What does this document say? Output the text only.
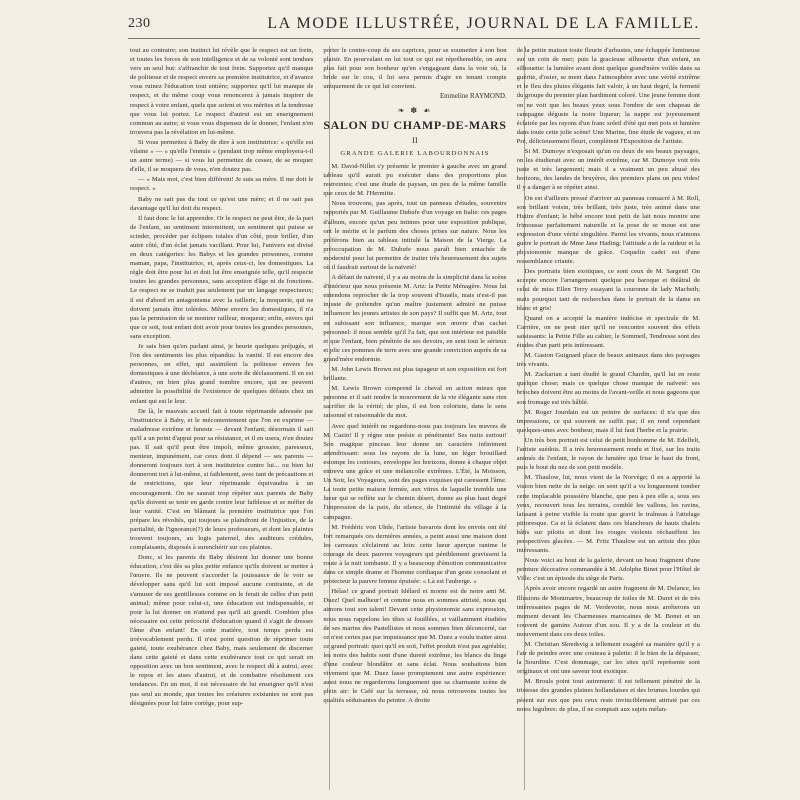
230	LA MODE ILLUSTRÉE, JOURNAL DE LA FAMILLE.

tout au contraire; son instinct lui révèle que le respect est un frein, et toutes les forces de son intelligence et de sa volonté sont tendues vers un seul but: s'affranchir de tout frein. Supportez qu'il manque de politesse et de respect envers sa première institutrice, et d'avance vous ruinez l'éducation tout entière; supportez qu'il lui manque de respect, et du même coup vous renoncerez à jamais inspirer de respect à votre enfant, quels que soient et vos mérites et la tendresse que vous lui portez. Le respect d'autrui est un enseignement commun au autre; si vous vous dispensez de le donner, l'enfant n'en trouvera pas la révélation en lui-même.

Si vous permettez à Baby de dire à son institutrice: « qu'elle est vilaine » — « qu'elle l'ennuie » (pendant trop même employera-t-il un autre terme) — si vous lui permettez de cesser, de se moquer d'elle, il se moquera de vous, n'en doutez pas.

— « Mais moi, c'est bien différent! Je suis sa mère. Il me doit le respect. »

Baby ne sait pas du tout ce qu'est une mère; et il ne sait pas davantage qu'il lui doit du respect.

Il faut donc le lui apprendre. Or le respect ne peut être, de la part de l'enfant, un sentiment intermittent, un sentiment qui puisse se scinder, procéder par éclipses totales d'un côté, pour briller, d'un autre côté, d'un éclat jamais vacillant. Pour lui, l'univers est divisé en deux catégories: les Babys et les grandes personnes, comme maman, papa, l'institutrice, et, après ceux-ci, les domestiques. La règle doit être pour lui et doit lui être enseignée telle, qu'il respecte toutes les grandes personnes, sans acception d'âge ni de fonctions. Le respect ne se traduit pas seulement par un langage respectueux; il est d'abord en antagonisme avec la raillerie, la moquerie, qui ne doivent jamais être tolérées. Même envers les domestiques, il n'a pas la permission de se montrer railleur, moqueur; enfin, envers qui que ce soit, tout enfant doit avoir pour toutes les grandes personnes, sans exception.

Je sais bien qu'en parlant ainsi, je heurte quelques préjugés, et l'on des sentiments les plus répandus: la vanité. Il est encore des personnes, en effet, qui assimilent la politesse envers les domestiques à une déchéance, à une sorte de déclassement. Il en est d'autres, on bien plus grand nombre encore, qui ne peuvent admettre la possibilité de l'existence de quelques défauts chez un enfant qui est le leur.

De là, le mauvais accueil fait à toute réprimande adressée par l'institutrice à Baby, et le mécontentement que l'on en exprime — maladresse extrême et funeste — devant l'enfant; désormais il sait qu'il a un point d'appui pour sa résistance, et il en usera, n'en doutez pas. Il sait qu'il peut être impoli, même grossier, paresseux, menteur, impunément, car ceux dont il dépend — ses parents — donneront toujours tort à son institutrice contre lui... ou bien lui donneront tort à lui-même, si faiblement, avec tant de précautions et de restrictions, que leur réprimande équivaudra à un encouragement. On ne saurait trop répéter aux parents de Baby qu'ils doivent se tenir en garde contre leur faiblesse et se méfier de leur vanité. C'est en blâmant la première institutrice que l'on prépare les révoltés, qui toujours se plaindront de l'injustice, de la partialité, de l'ignorance(?) de leurs professeurs, et dont les plaintes trouvent toujours, au logis paternel, des auditeurs crédules, complaisants, disposés à surenchérir sur ces plaintes.

Donc, si les parents de Baby désirent lui donner une bonne éducation, c'est dès sa plus petite enfance qu'ils doivent se mettre à l'œuvre. Ils ne peuvent s'accorder la jouissance de le voir se développer sans qu'il lui soit imposé aucune contrainte, et de s'amuser de ses gentillesses comme on le ferait de celles d'un petit animal; même pour celui-ci, une éducation est indispensable, et pour la lui donner on n'attend pas qu'il ait grandi. Combien plus nécessaire est cette précocité d'éducation quand il s'agit de dresser l'âme d'un enfant! En cette matière, tout temps perdu est irrévocablement perdu. Il n'est point question de réprimer toute gaieté, toute exubérance chez Baby, mais seulement de discerner dans cette gaieté et dans cette exubérance tout ce qui serait en opposition avec un bon sentiment, avec le respect dû à autrui, avec le repos et les aises d'autrui, et de combattre résolument ces tendances. En un mot, il est nécessaire de lui enseigner qu'il n'est pas seul au monde, que toutes les créatures existantes ne sont pas désignées pour lui faire cortège, pour sup-

porter le contre-coup de ses caprices, pour se soumettre à son bon plaisir. En pourvalant en lui tout ce qui est répréhensible, on aura plus fait pour son bonheur qu'en s'engageant dans la voie où, la bride sur le cou, il lui sera permis d'agir en tenant compte uniquement de ce qui lui convient.

Emmeline RAYMOND.
❧ ✽ ☙
SALON DU CHAMP-DE-MARS
II
GRANDE GALERIE LABOURDONNAIS

M. David-Nillet s'y présente le premier à gauche avec un grand tableau qu'il aurait pu exécuter dans des proportions plus restreintes; c'est une étude de paysan, un peu de la même famille que ceux de M. l'Hermitte.

Nous trouvons, pas après, tout un panneau d'études, souvenirs rapportés par M. Guillaume Dubufe d'un voyage en Italie: ces pages d'album, encore qu'un peu intimes pour une exposition publique, ont le mérite et le parfum des choses prises sur nature. Nous les préférons bien au tableau intitulé la Maison de la Vierge. La préoccupation de M. Dubufe nous paraît bien entachée de modernité pour lui permettre de traiter très heureusement des sujets où il faudrait surtout de la naïveté!

A défaut de naïveté, il y a au moins de la simplicité dans la scène d'intérieur que nous présente M. Artz: la Petite Ménagère. Nous lui entendons reprocher de la trop souvent d'Israëls, mais n'est-il pas injuste de prétendre qu'un maître justement admiré ne puisse influencer les jeunes artistes de son pays? Il suffit que M. Artz, tout en subissant son influence, marque son œuvre d'un cachet personnel: il nous semble qu'il l'a fait, que son intérieur est paisible et que l'enfant, bien pénétrée de ses devoirs, en sent tout le sérieux et plie ces pommes de terre avec une grande conviction auprès de sa grand'mère endormie.

M. John Lewis Brown est plus tapageur et son exposition est fort brillante.

M. Lewis Brown comprend le cheval en action mieux que personne et il sait rendre le mouvement de la vie élégante sans rien sacrifier de la vérité; de plus, il est bon coloriste, dans le sens raisonné et raisonnable du mot.

Avec quel intérêt ne regardons-nous pas toujours les œuvres de M. Cazin! Il y règne une poésie si pénétrante! Ses nuits surtout! Son magique pinceau leur donne un caractère infiniment attendrissant: sous les rayons de la lune, un léger brouillard estompe les contours, enveloppe les horizons, donne à chaque objet entrevu une grâce et une mélancolie extrêmes. L'Été, la Moisson, Un Soir, les Voyageurs, sont des pages exquises qui caressent l'âme. La toute petite maison fermée, aux vitres de laquelle tremble une lueur qui se reflète sur le chemin désert, donne au plus haut degré l'impression de la paix, du silence, de l'intimité du village à la campagne.

M. Frédéric von Uhde, l'artiste bavarois dont les envois ont été fort remarqués ces dernières années, a peint aussi une maison dont les carreaux s'éclairent au loin: cette lueur aperçue ranime le courage de deux pauvres voyageurs qui péniblement gravissent la route à la nuit tombante. Il y a beaucoup d'émotion communicative dans ce simple drame et l'homme cordiaque d'un geste consolant et protecteur la pauvre femme épuisée: « Là est l'auberge. »

Hélas! ce grand portrait Idélard et morne est de notre ami M. Duez! Quel malheur! et comme nous en sommes attristé, nous qui aimons tout son talent! Devant cette physionomie sans expression, nous nous rappelons les têtes si fouillées, si vaillamment étudiées de ses marins des Pastellistes et nous sommes bien déconcerté, car ce n'est certes pas par impuissance que M. Duez a voulu traiter ainsi ce grand portrait: quoi qu'il en soit, l'effet produit n'est pas agréable; les noirs des habits sont d'une dureté extrême, les blancs du linge d'une couleur blondâtre et sans éclat. Nous souhaitons bien vivement que M. Duez fasse promptement une autre expérience: aussi nous ne regarderons longuement que sa charmante scène de plein air: le Café sur la terrasse, où nous retrouvons toutes les qualités séduisantes du peintre. A droite

de la petite maison toute fleurie d'arbustes, une échappée lumineuse sur un coin de mer; puis la gracieuse silhouette d'un enfant, en silhouette: la lumière avant dont quelque grand'mère voilée dans sa guérite, d'osier, se ment dans l'atmosphère avec une vérité extrême et le fleu des pluies élégants fait valoir, à un haut degré, la fermeté du groupe du premier plan hardiment coloré. Une jeune femme dont on ne voit que les beaux yeux sous l'ombre de son chapeau de campagne déguste la noire liqueur; la nappe est joyeusement éclairée par les rayons d'un franc soleil d'été qui met pois et lumière dans toute cette jolie scène! Une Marine, fine étude de vagues, et un Pré, délicieusement fleuri, complètent l'Exposition de l'artiste.

Si M. Dumoye n'exposait qu'un ou deux de ses beaux paysages, on les étudierait avec un intérêt extrême, car M. Dumoye voit très juste et très largement; mais il a vraiment un peu abusé des horizons, des landes de bruyères, des premiers plans un peu vides! Il y a danger à se répéter ainsi.

On est d'ailleurs pressé d'arriver au panneau consacré à M. Roll, son brillant voisin, très brillant, très juste, très animé dans une Huitre d'enfant; le bébé encore tout petit de lait nous montre une frimousse parfaitement naturelle et la pose de se moue est une expression d'une vérité singulière. Parmi les vivants, nous n'aimons guère le portrait de Mme Jane Hading; l'attitude a de la raideur et la physionomie manque de grâce. Coquelin cadet est d'une ressemblance criante.

Des portraits bien exotiques, ce sont ceux de M. Sargent! On accepte encore l'arrangement quelque peu baroque et théâtral de celui de miss Ellen Terry essayant la couronne de lady Macbeth; mais pourquoi tant de recherches dans le portrait de la dame en blanc et gris!

Quand on a accepté la manière indécise et spectrale de M. Carrière, on ne peut nier qu'il ne rencontre souvent des effets saisissants: la Petite Fille au cahier, le Sommeil, Tendresse sont des études d'un parti pris intéressant.

M. Gaston Guignard place de beaux animaux dans des paysages très vivants.

M. Zackarian a tant étudié le grand Chardin, qu'il lui en reste quelque chose; mais ce quelque chose manque de naïveté: ses brioches doivent être au moins de l'avant-veille et nous gageons que son fromage est très hâblé.

M. Roger Jourdain est un peintre de surfaces: il n'a que des impressions, ce qui souvent ne suffit pas; il en rend cependant quelques-unes avec bonheur, mais il lui faut l'herbe et la prairie.

Un très bon portrait est celui de petit bonhomme de M. Edelfelt, l'artiste suédois. Il a très heureusement rendu et fixé, sur les traits animés de l'enfant, le rayon de lumière qui frise le haut du front, puis le bout du nez de son petit modèle.

M. Thaulow, lui, nous vient de la Norvège; il en a apporté la vision bien nette de la neige: on sent qu'il a vu longuement tomber cette implacable poussière blanche, que peu à peu elle a, sous ses yeux, recouvert tous les terrains, comblé les vallons, les ravins, laissant à peine visible la route que gravit le traîneau à l'attelage pittoresque. Ca et là éclatent dans ces blancheurs de hauts chalets bâtis sur pilotis et dont les rouges violents réchauffent les perspectives glacées. — M. Fritz Thaulow est un artiste des plus intéressants.

Nous voici au bout de la galerie, devant un beau fragment d'une peinture décorative commandée à M. Adolphe Binet pour l'Hôtel de Ville: c'est un épisode du siège de Paris.

Après avoir encore regardé un autre fragment de M. Delance, les Illusions de Montmartre, beaucoup de toiles de M. Duret et de très intéressantes pages de M. Verdevotte, nous nous arrêterons un moment devant les Charmeuses marocaines de M. Bonet et un couvent de gamins Autour d'un sou. Il y a de la couleur et du mouvement dans ces deux toiles.

M. Christian Skredsvig a tellement exagéré sa manière qu'il y a l'air de peindre avec une couteau à palette: il le bien de la dépasser, la Sourdine. C'est dommage, car les sites qu'il représente sont originaux et ont une saveur tout exotique.

M. Brouls point tout autrement: il est tellement pénétré de la tristesse des grandes plaines hollandaises et des brumes lourdes qui pèsent sur eux que peu ceux reste invinciblement attristé par ces notes lugubres: de plus, il ne comptait aux sujets mélan-
